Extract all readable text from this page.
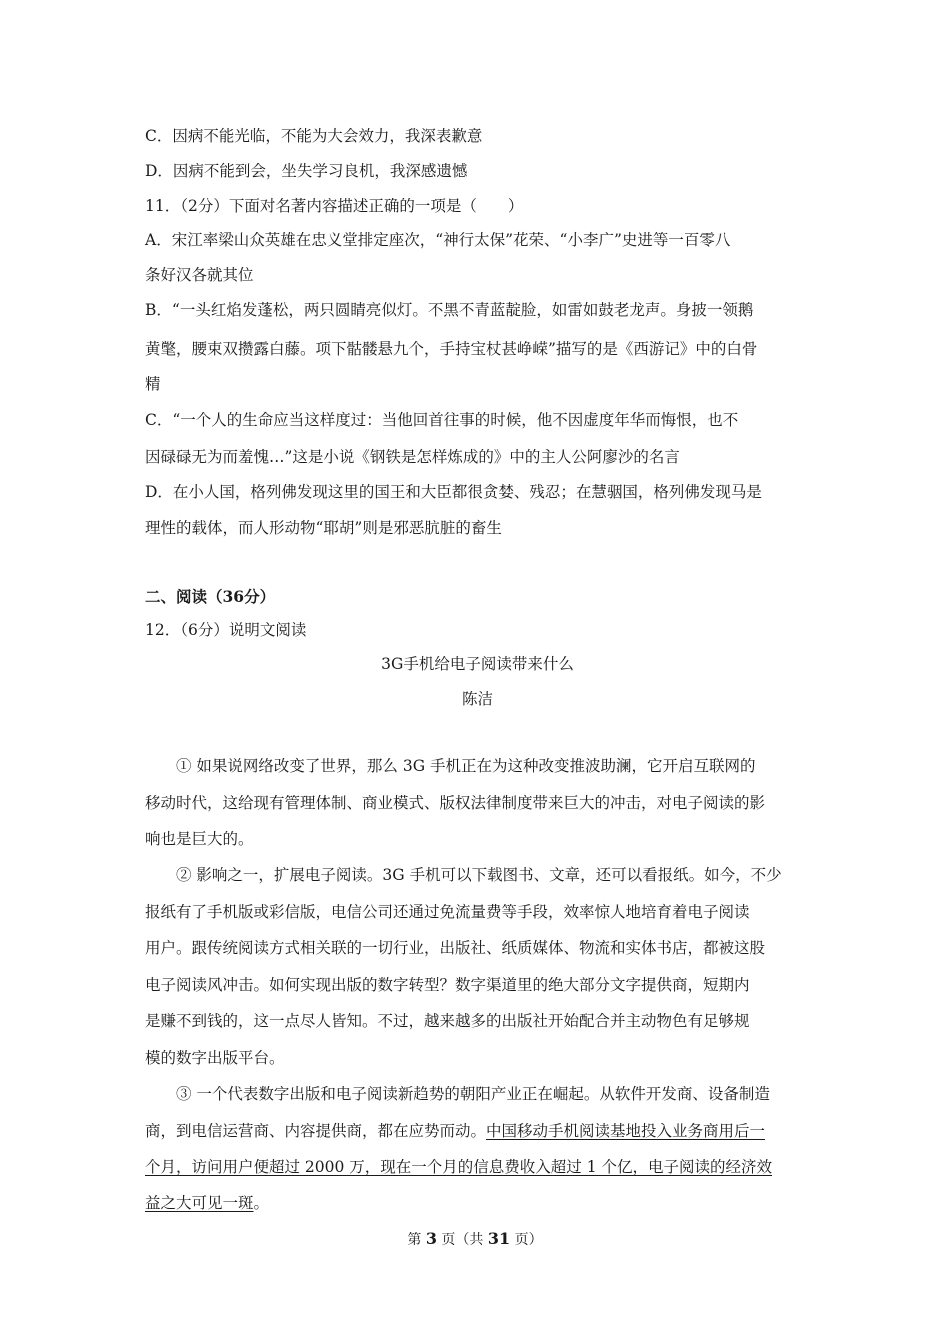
C．因病不能光临，不能为大会效力，我深表歉意
D．因病不能到会，坐失学习良机，我深感遗憾
11．（2分）下面对名著内容描述正确的一项是（　　）
A．宋江率梁山众英雄在忠义堂排定座次，“神行太保”花荣、“小李广”史进等一百零八
条好汉各就其位
B．“一头红焰发蓬松，两只圆睛亮似灯。不黑不青蓝靛脸，如雷如鼓老龙声。身披一领鹅
黄氅，腰束双攒露白藤。项下骷髅悬九个，手持宝杖甚峥嵘”描写的是《西游记》中的白骨
精
C．“一个人的生命应当这样度过：当他回首往事的时候，他不因虚度年华而悔恨，也不
因碌碌无为而羞愧…”这是小说《钢铁是怎样炼成的》中的主人公阿廖沙的名言
D．在小人国，格列佛发现这里的国王和大臣都很贪婪、残忍；在慧骃国，格列佛发现马是
理性的载体，而人形动物“耶胡”则是邪恶肮脏的畜生
二、阅读（36分）
12．（6分）说明文阅读
3G手机给电子阅读带来什么
陈洁
① 如果说网络改变了世界，那么 3G 手机正在为这种改变推波助澜，它开启互联网的
移动时代，这给现有管理体制、商业模式、版权法律制度带来巨大的冲击，对电子阅读的影
响也是巨大的。
② 影响之一，扩展电子阅读。3G 手机可以下载图书、文章，还可以看报纸。如今，不少
报纸有了手机版或彩信版，电信公司还通过免流量费等手段，效率惊人地培育着电子阅读
用户。跟传统阅读方式相关联的一切行业，出版社、纸质媒体、物流和实体书店，都被这股
电子阅读风冲击。如何实现出版的数字转型？数字渠道里的绝大部分文字提供商，短期内
是赚不到钱的，这一点尽人皆知。不过，越来越多的出版社开始配合并主动物色有足够规
模的数字出版平台。
③ 一个代表数字出版和电子阅读新趋势的朝阳产业正在崛起。从软件开发商、设备制造
商，到电信运营商、内容提供商，都在应势而动。中国移动手机阅读基地投入业务商用后一
个月，访问用户便超过 2000 万，现在一个月的信息费收入超过 1 个亿，电子阅读的经济效
益之大可见一斑。
第 3 页（共 31 页）
